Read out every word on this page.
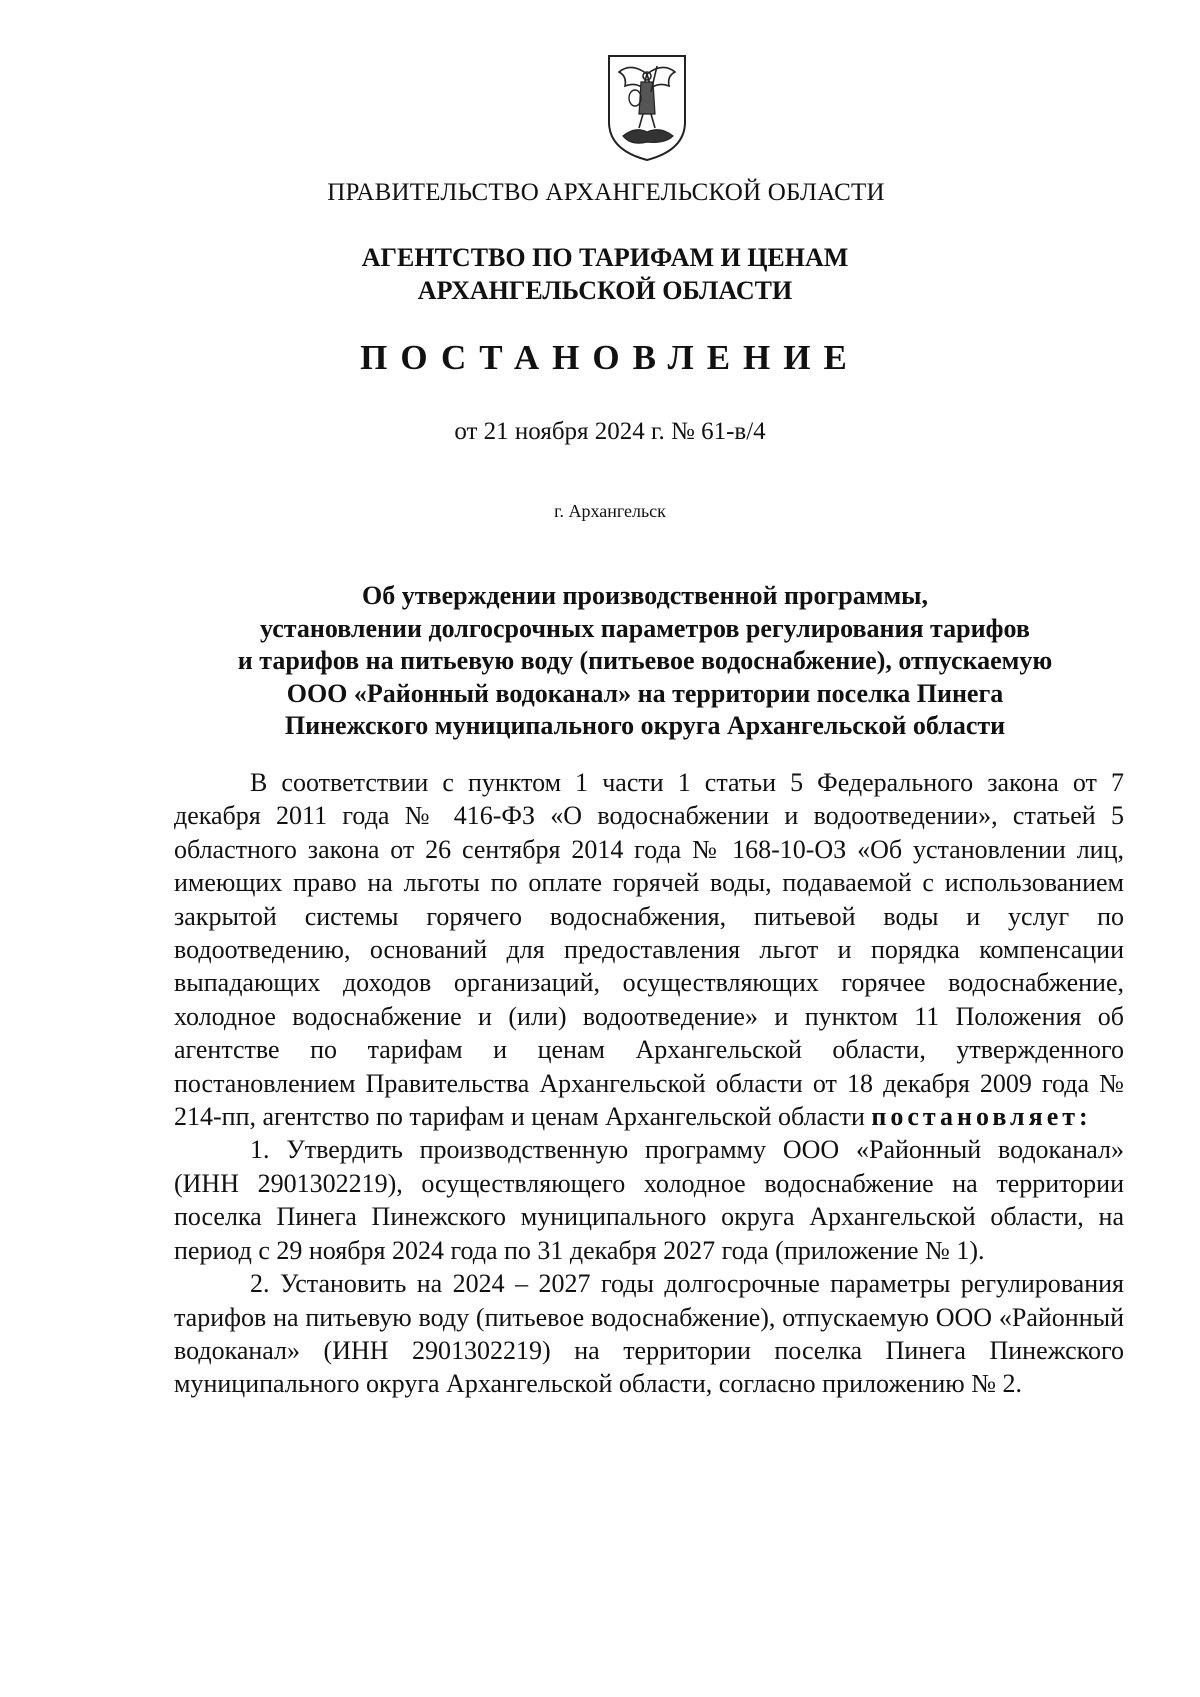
ПРАВИТЕЛЬСТВО АРХАНГЕЛЬСКОЙ ОБЛАСТИ
АГЕНТСТВО ПО ТАРИФАМ И ЦЕНАМ
АРХАНГЕЛЬСКОЙ ОБЛАСТИ
ПОСТАНОВЛЕНИЕ
от 21 ноября 2024 г. № 61-в/4
г. Архангельск
Об утверждении производственной программы,
установлении долгосрочных параметров регулирования тарифов
и тарифов на питьевую воду (питьевое водоснабжение), отпускаемую
ООО «Районный водоканал» на территории поселка Пинега
Пинежского муниципального округа Архангельской области

В соответствии с пунктом 1 части 1 статьи 5 Федерального закона от 7 декабря 2011 года № 416-ФЗ «О водоснабжении и водоотведении», статьей 5 областного закона от 26 сентября 2014 года № 168-10-ОЗ «Об установлении лиц, имеющих право на льготы по оплате горячей воды, подаваемой с использованием закрытой системы горячего водоснабжения, питьевой воды и услуг по водоотведению, оснований для предоставления льгот и порядка компенсации выпадающих доходов организаций, осуществляющих горячее водоснабжение, холодное водоснабжение и (или) водоотведение» и пунктом 11 Положения об агентстве по тарифам и ценам Архангельской области, утвержденного постановлением Правительства Архангельской области от 18 декабря 2009 года № 214-пп, агентство по тарифам и ценам Архангельской области постановляет:

1. Утвердить производственную программу ООО «Районный водоканал» (ИНН 2901302219), осуществляющего холодное водоснабжение на территории поселка Пинега Пинежского муниципального округа Архангельской области, на период с 29 ноября 2024 года по 31 декабря 2027 года (приложение № 1).

2. Установить на 2024 – 2027 годы долгосрочные параметры регулирования тарифов на питьевую воду (питьевое водоснабжение), отпускаемую ООО «Районный водоканал» (ИНН 2901302219) на территории поселка Пинега Пинежского муниципального округа Архангельской области, согласно приложению № 2.
